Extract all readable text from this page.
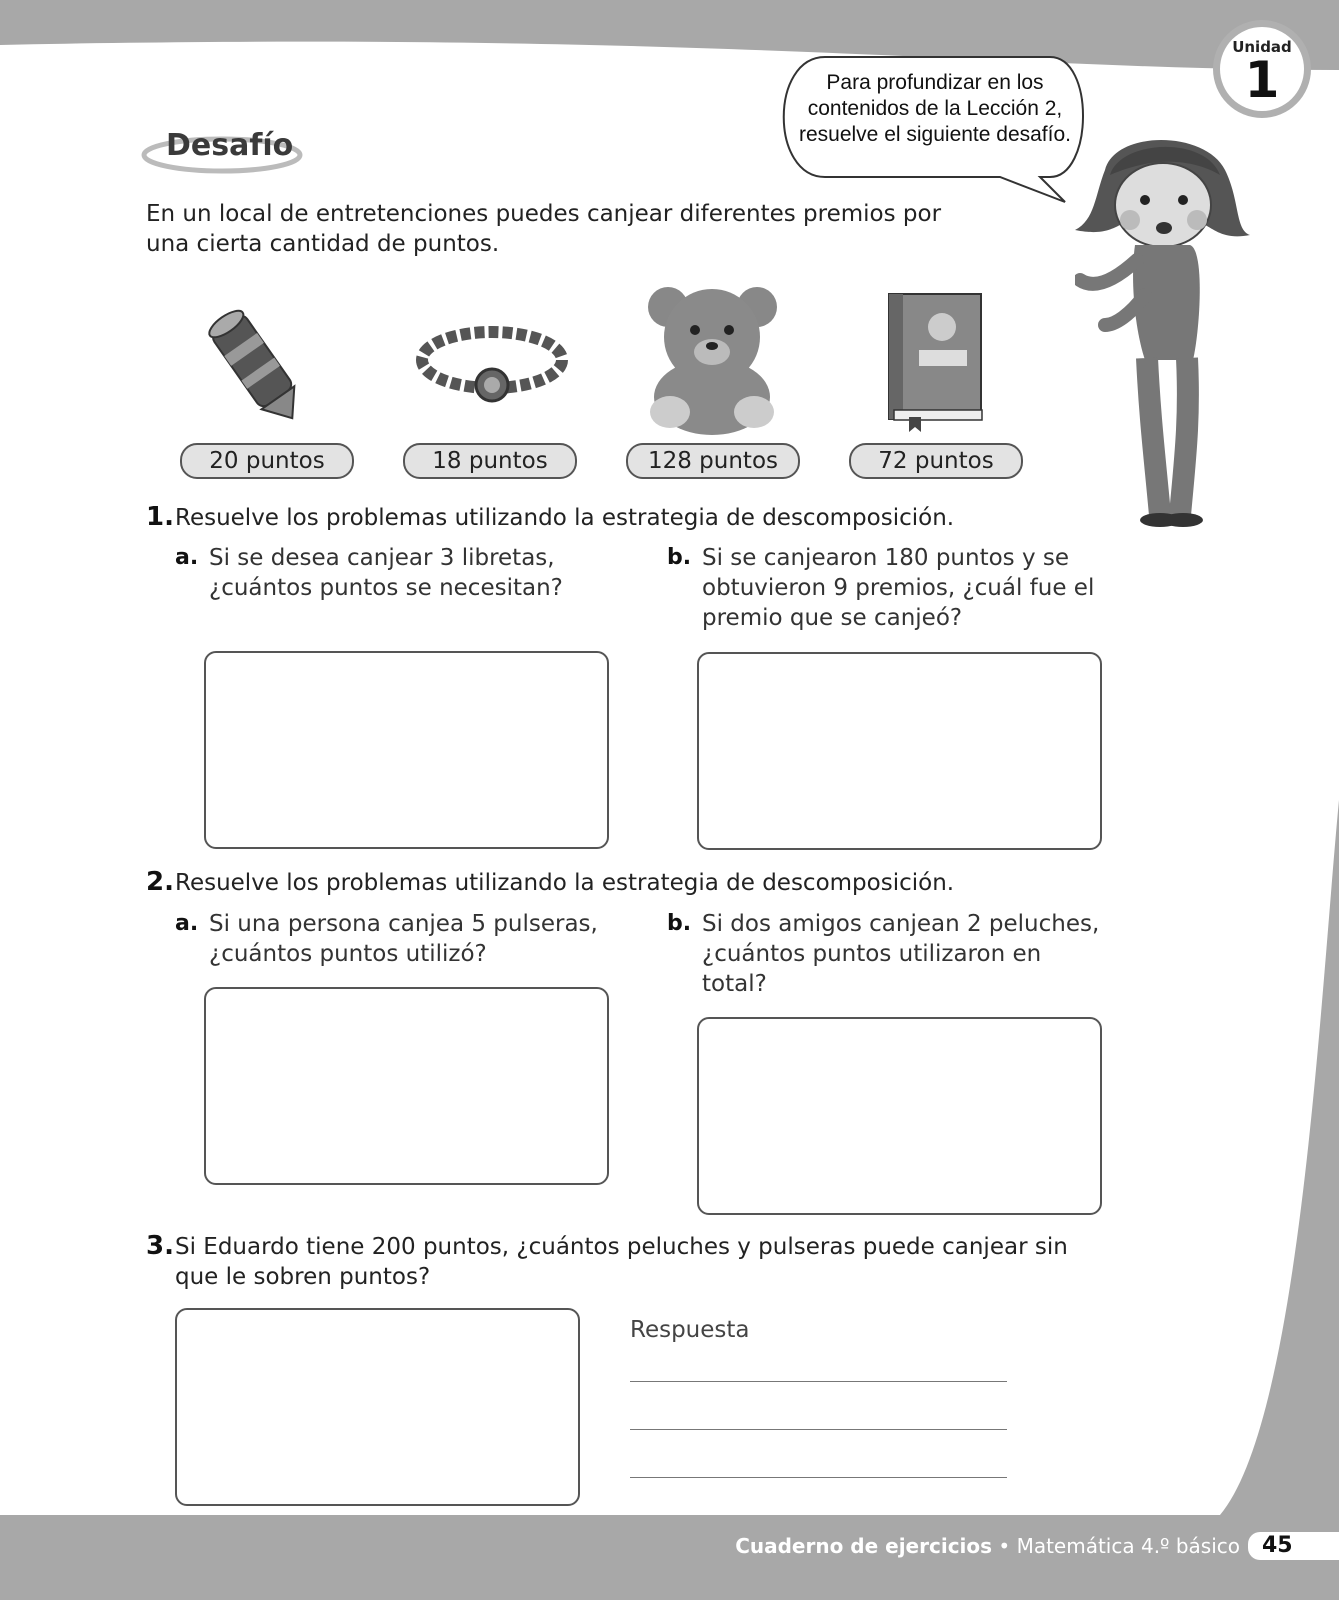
Unidad
1
Para profundizar en los
contenidos de la Lección 2,
resuelve el siguiente desafío.
Desafío
En un local de entretenciones puedes canjear diferentes premios por
una cierta cantidad de puntos.
20 puntos	18 puntos	128 puntos	72 puntos
1. Resuelve los problemas utilizando la estrategia de descomposición.
a. Si se desea canjear 3 libretas,
¿cuántos puntos se necesitan?
b. Si se canjearon 180 puntos y se
obtuvieron 9 premios, ¿cuál fue el
premio que se canjeó?
2. Resuelve los problemas utilizando la estrategia de descomposición.
a. Si una persona canjea 5 pulseras,
¿cuántos puntos utilizó?
b. Si dos amigos canjean 2 peluches,
¿cuántos puntos utilizaron en
total?
3. Si Eduardo tiene 200 puntos, ¿cuántos peluches y pulseras puede canjear sin
que le sobren puntos?
Respuesta
Cuaderno de ejercicios • Matemática 4.º básico	45
